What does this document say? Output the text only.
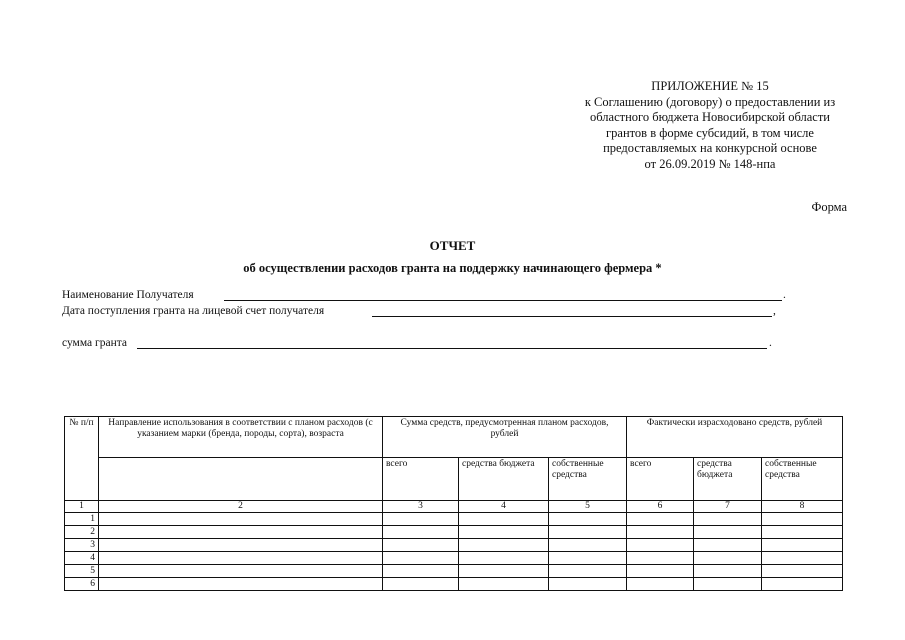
ПРИЛОЖЕНИЕ № 15
к Соглашению (договору) о предоставлении из
областного бюджета Новосибирской области
грантов в форме субсидий, в том числе
предоставляемых на конкурсной основе
от 26.09.2019 № 148-нпа
Форма
ОТЧЕТ
об осуществлении расходов гранта на поддержку начинающего фермера *
Наименование Получателя	.
Дата поступления гранта на лицевой счет получателя	,
сумма гранта	.
№ п/п	Направление использования в соответствии с планом расходов (с указанием марки (бренда, породы, сорта), возраста	Сумма средств, предусмотренная планом расходов, рублей			Фактически израсходовано средств, рублей		
		всего	средства бюджета	собственные средства	всего	средства бюджета	собственные средства
1	2	3	4	5	6	7	8
1							
2							
3							
4							
5							
6							
